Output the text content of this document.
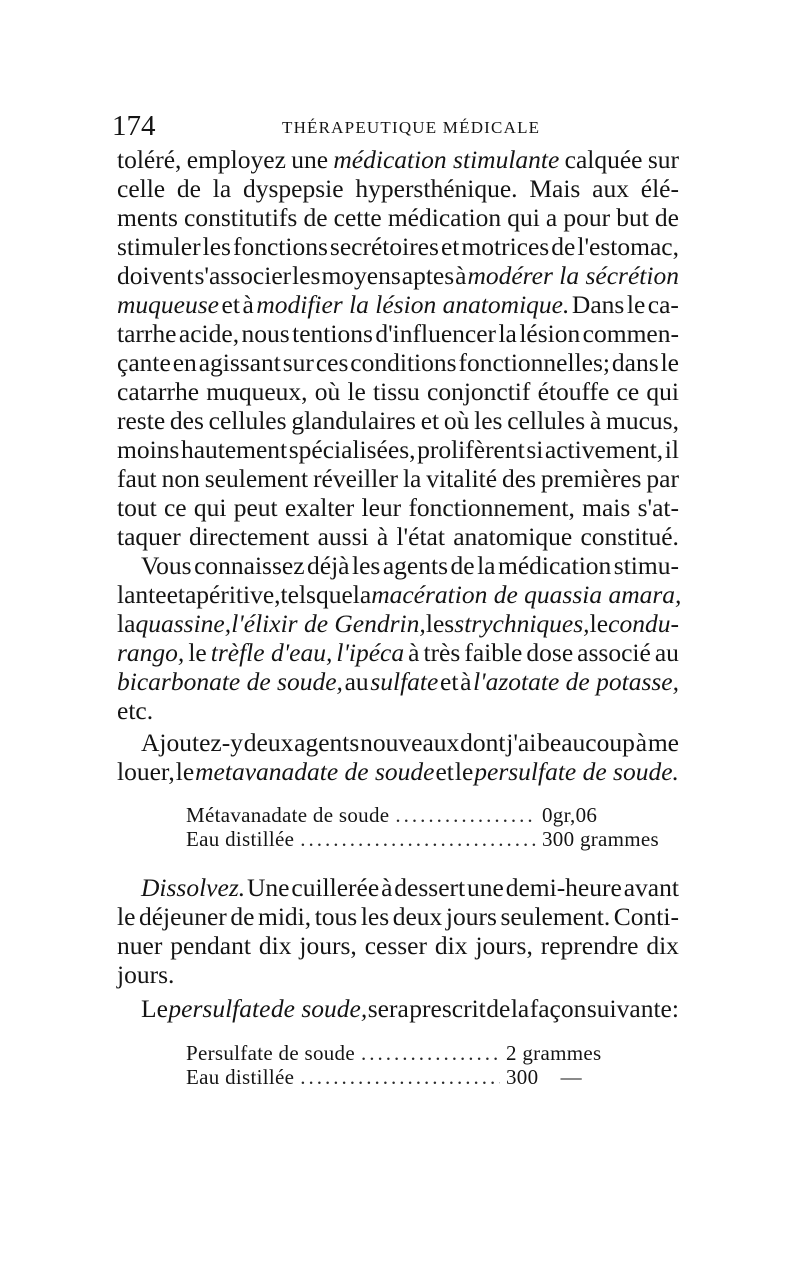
174	THÉRAPEUTIQUE MÉDICALE
toléré, employez une médication stimulante calquée sur
celle de la dyspepsie hypersthénique. Mais aux élé-
ments constitutifs de cette médication qui a pour but de
stimuler les fonctions secrétoires et motrices de l'estomac,
doivent s'associer les moyens aptes à modérer la sécrétion
muqueuse et à modifier la lésion anatomique. Dans le ca-
tarrhe acide, nous tentions d'influencer la lésion commen-
çante en agissant sur ces conditions fonctionnelles; dans le
catarrhe muqueux, où le tissu conjonctif étouffe ce qui
reste des cellules glandulaires et où les cellules à mucus,
moins hautement spécialisées, prolifèrent si activement, il
faut non seulement réveiller la vitalité des premières par
tout ce qui peut exalter leur fonctionnement, mais s'at-
taquer directement aussi à l'état anatomique constitué.
Vous connaissez déjà les agents de la médication stimu-
lante et apéritive, tels que la macération de quassia amara,
la quassine, l'élixir de Gendrin, les strychniques, le condu-
rango, le trèfle d'eau, l'ipéca à très faible dose associé au
bicarbonate de soude, au sulfate et à l'azotate de potasse,
etc.
Ajoutez-y deux agents nouveaux dont j'ai beaucoup à me
louer, le metavanadate de soude et le persulfate de soude.
Métavanadate de soude .....	0gr,06
Eau distillée .....	300 grammes
Dissolvez. Une cuillerée à dessert une demi-heure avant
le déjeuner de midi, tous les deux jours seulement. Conti-
nuer pendant dix jours, cesser dix jours, reprendre dix
jours.
Le persulfate de soude, sera prescrit de la façon suivante:
Persulfate de soude .....	2 grammes
Eau distillée .....	300    —
